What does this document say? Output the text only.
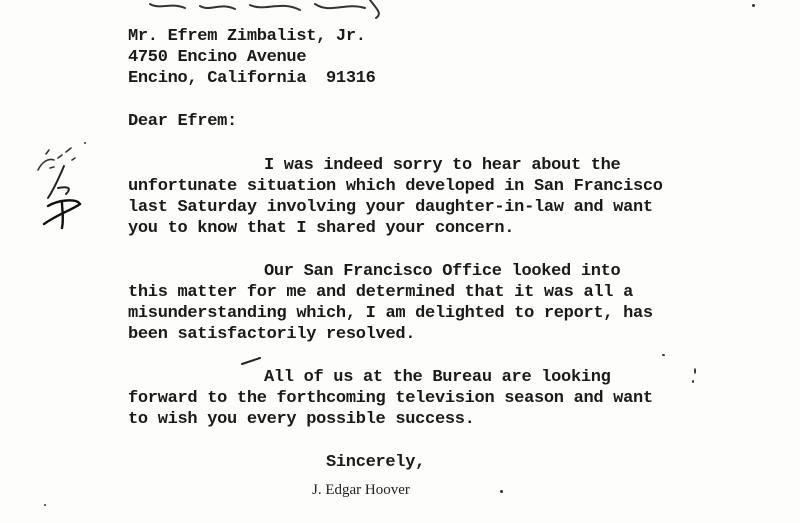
Mr. Efrem Zimbalist, Jr.
4750 Encino Avenue
Encino, California  91316
Dear Efrem:
I was indeed sorry to hear about the
unfortunate situation which developed in San Francisco
last Saturday involving your daughter-in-law and want
you to know that I shared your concern.
Our San Francisco Office looked into
this matter for me and determined that it was all a
misunderstanding which, I am delighted to report, has
been satisfactorily resolved.
All of us at the Bureau are looking
forward to the forthcoming television season and want
to wish you every possible success.
Sincerely,
J. Edgar Hoover
